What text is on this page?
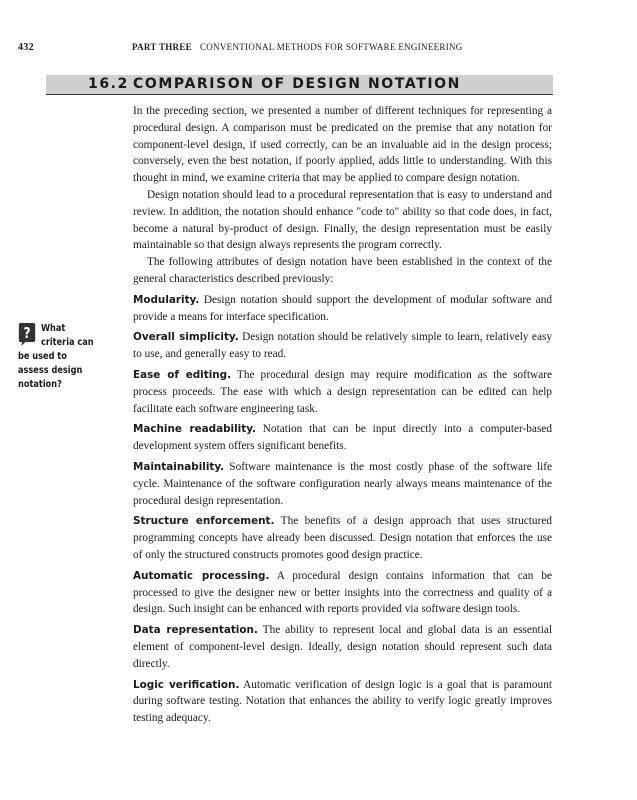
432	PART THREE CONVENTIONAL METHODS FOR SOFTWARE ENGINEERING
16.2 COMPARISON OF DESIGN NOTATION
?	What criteria can be used to assess design notation?

In the preceding section, we presented a number of different techniques for representing a procedural design. A comparison must be predicated on the premise that any notation for component-level design, if used correctly, can be an invaluable aid in the design process; conversely, even the best notation, if poorly applied, adds little to understanding. With this thought in mind, we examine criteria that may be applied to compare design notation.

Design notation should lead to a procedural representation that is easy to understand and review. In addition, the notation should enhance "code to" ability so that code does, in fact, become a natural by-product of design. Finally, the design representation must be easily maintainable so that design always represents the program correctly.

The following attributes of design notation have been established in the context of the general characteristics described previously:

Modularity. Design notation should support the development of modular software and provide a means for interface specification.

Overall simplicity. Design notation should be relatively simple to learn, relatively easy to use, and generally easy to read.

Ease of editing. The procedural design may require modification as the software process proceeds. The ease with which a design representation can be edited can help facilitate each software engineering task.

Machine readability. Notation that can be input directly into a computer-based development system offers significant benefits.

Maintainability. Software maintenance is the most costly phase of the software life cycle. Maintenance of the software configuration nearly always means maintenance of the procedural design representation.

Structure enforcement. The benefits of a design approach that uses structured programming concepts have already been discussed. Design notation that enforces the use of only the structured constructs promotes good design practice.

Automatic processing. A procedural design contains information that can be processed to give the designer new or better insights into the correctness and quality of a design. Such insight can be enhanced with reports provided via software design tools.

Data representation. The ability to represent local and global data is an essential element of component-level design. Ideally, design notation should represent such data directly.

Logic verification. Automatic verification of design logic is a goal that is paramount during software testing. Notation that enhances the ability to verify logic greatly improves testing adequacy.
